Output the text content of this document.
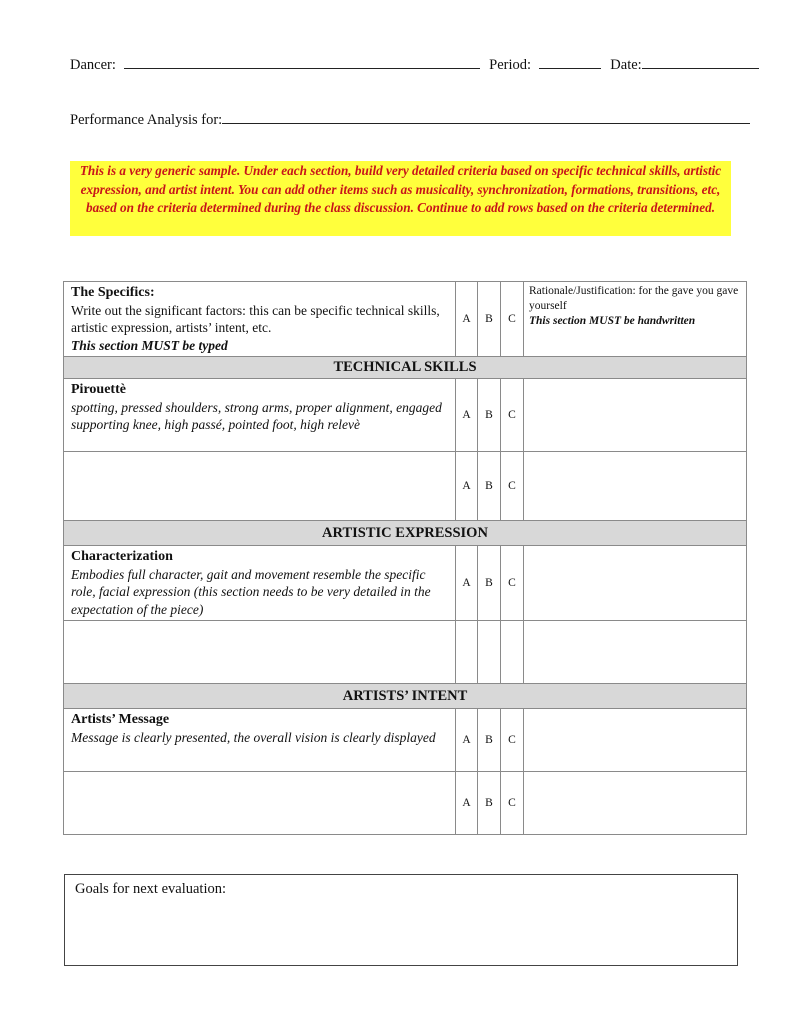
Dancer:	Period:	Date:
Performance Analysis for:
This is a very generic sample. Under each section, build very detailed criteria based on specific technical skills, artistic expression, and artist intent. You can add other items such as musicality, synchronization, formations, transitions, etc, based on the criteria determined during the class discussion. Continue to add rows based on the criteria determined.
The Specifics:
Write out the significant factors: this can be specific technical skills, artistic expression, artists’ intent, etc.
This section MUST be typed
	A	B	C	
Rationale/Justification: for the gave you gave yourself
This section MUST be handwritten

TECHNICAL SKILLS				

Pirouettè
spotting, pressed shoulders, strong arms, proper alignment, engaged supporting knee, high passé, pointed foot, high relevè	A	B	C	
	A	B	C	
ARTISTIC EXPRESSION				

Characterization
Embodies full character, gait and movement resemble the specific role, facial expression (this section needs to be very detailed in the expectation of the piece)	A	B	C	

ARTISTS’ INTENT				

Artists’ Message
Message is clearly presented, the overall vision is clearly displayed	A	B	C	
	A	B	C	
Goals for next evaluation:
